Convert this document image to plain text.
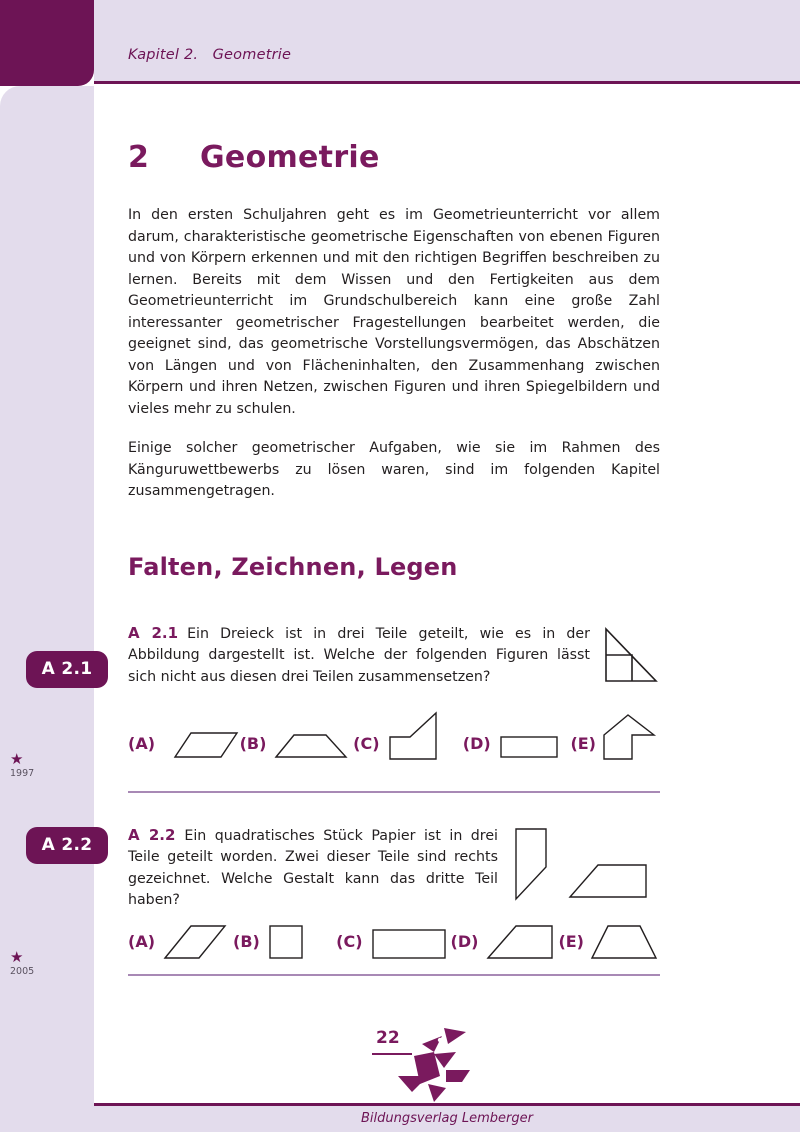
Kapitel 2.   Geometrie
A 2.1
A 2.2
★
1997
★
2005
2	Geometrie

In den ersten Schuljahren geht es im Geometrieunterricht vor allem darum, charakteristische geometrische Eigenschaften von ebenen Figuren und von Körpern erkennen und mit den richtigen Begriffen beschreiben zu lernen. Bereits mit dem Wissen und den Fertigkeiten aus dem Geometrieunterricht im Grundschulbereich kann eine große Zahl interessanter geometrischer Fragestellungen bearbeitet werden, die geeignet sind, das geometrische Vorstellungsvermögen, das Abschätzen von Längen und von Flächeninhalten, den Zusammenhang zwischen Körpern und ihren Netzen, zwischen Figuren und ihren Spiegelbildern und vieles mehr zu schulen.

Einige solcher geometrischer Aufgaben, wie sie im Rahmen des Känguruwettbewerbs zu lösen waren, sind im folgenden Kapitel zusammengetragen.

Falten, Zeichnen, Legen
A 2.1 Ein Dreieck ist in drei Teile geteilt, wie es in der Abbildung dargestellt ist. Welche der folgenden Figuren lässt sich nicht aus diesen drei Teilen zusammensetzen?
(A)	(B)	(C)	(D)	(E)
A 2.2 Ein quadratisches Stück Papier ist in drei Teile geteilt worden. Zwei dieser Teile sind rechts gezeichnet. Welche Gestalt kann das dritte Teil haben?
(A)	(B)	(C)	(D)	(E)
22
Bildungsverlag Lemberger
